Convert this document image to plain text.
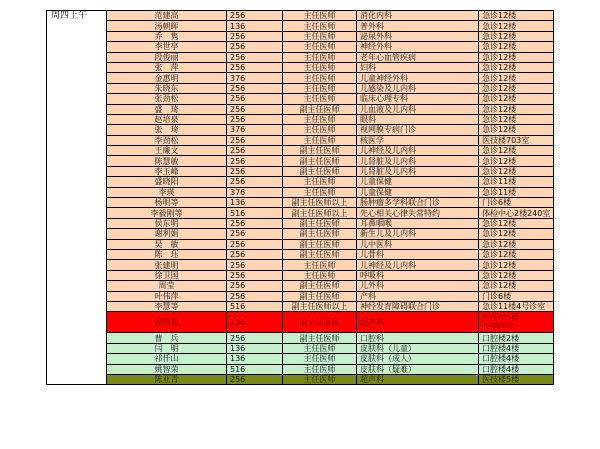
周四上午	范建高	256	主任医师	消化内科	急诊12楼
	汤朝晖	136	主任医师	普外科	急诊12楼
	乔　隽	256	主任医师	泌尿外科	急诊12楼
	李世亭	256	主任医师	神经外科	急诊12楼
	段俊丽	256	主任医师	老年心血管疾病	急诊12楼
	张　萍	256	主任医师	妇科	急诊12楼
	金惠明	376	主任医师	儿童神经外科	急诊12楼
	朱晓东	256	主任医师	儿感染及儿内科	急诊12楼
	张劲松	256	主任医师	临床心理专科	急诊12楼
	盛　琦	256	副主任医师	儿血液及儿内科	急诊12楼
	赵培泉	256	主任医师	眼科	急诊12楼
	张　琦	376	主任医师	视网膜专病门诊	急诊12楼
	李劲松	256	主任医师	核医学	医技楼703室
	王廉文	256	副主任医师	儿神经及儿内科	急诊12楼
	陈慧敏	256	副主任医师	儿肾脏及儿内科	急诊12楼
	李玉峰	256	副主任医师	儿肾脏及儿内科	急诊12楼
	盛晓阳	256	主任医师	儿童保健	急诊11楼
	李瑛	376	主任医师	儿童保健	急诊11楼
	杨明等	136	副主任医师以上	肠肿瘤多学科联合门诊	门诊6楼
	李毅刚等	516	副主任医师以上	先心相关心律失常特约	体检中心2楼240室
	侯东明	256	副主任医师	耳鼻咽喉	急诊12楼
	谢利娟	256	副主任医师	新生儿及儿内科	急诊12楼
	吴　敏	256	副主任医师	儿中医科	急诊12楼
	陈　珏	256	副主任医师	儿骨科	急诊12楼
	张建明	256	主任医师	儿神经及儿内科	急诊12楼
	徐卫国	256	主任医师	呼吸科	急诊12楼
	周莹	256	副主任医师	儿外科	急诊12楼
	叶伟萍	256	副主任医师	产科	门诊6楼
	李慧等	516	副主任医师以上	神经发育障碍联合门诊	急诊11楼4号诊室
	顾胜利	136	副主任医师	超声科	医技楼5楼
长期停诊

	曹　兵	256	副主任医师	口腔科	口腔楼2楼
	闫　明	136	主任医师	皮肤科（儿童）	口腔楼4楼
	祁仟山	136	主任医师	皮肤科（成人）	口腔楼4楼
	姚智荣	516	主任医师	皮肤科（疑难）	口腔楼4楼
	陈亚青	256	主任医师	超声科	医技楼5楼
